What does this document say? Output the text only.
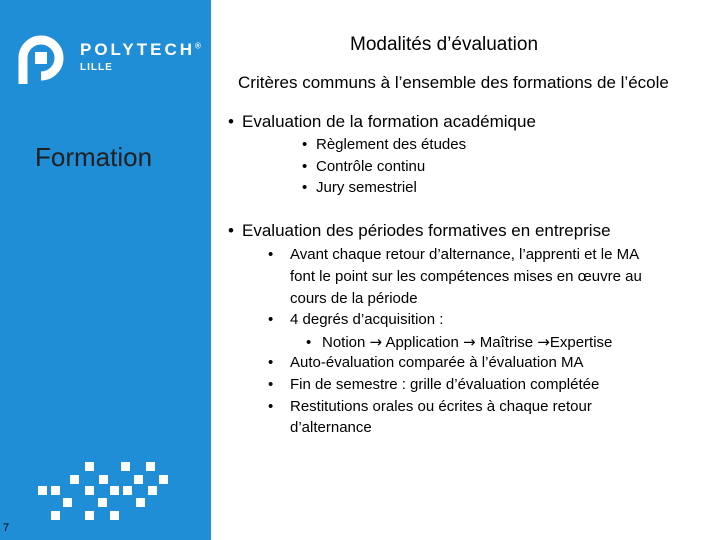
POLYTECH®
LILLE
Formation
7
Modalités d’évaluation
Critères communs à l’ensemble des formations de l’école
• Evaluation de la formation académique
• Règlement des études
• Contrôle continu
• Jury semestriel
• Evaluation des périodes formatives en entreprise
• Avant chaque retour d’alternance, l’apprenti et le MA
font le point sur les compétences mises en œuvre au
cours de la période
• 4 degrés d’acquisition :
• Notion → Application → Maîtrise →Expertise
• Auto-évaluation comparée à l’évaluation MA
• Fin de semestre : grille d’évaluation complétée
• Restitutions orales ou écrites à chaque retour
d’alternance
